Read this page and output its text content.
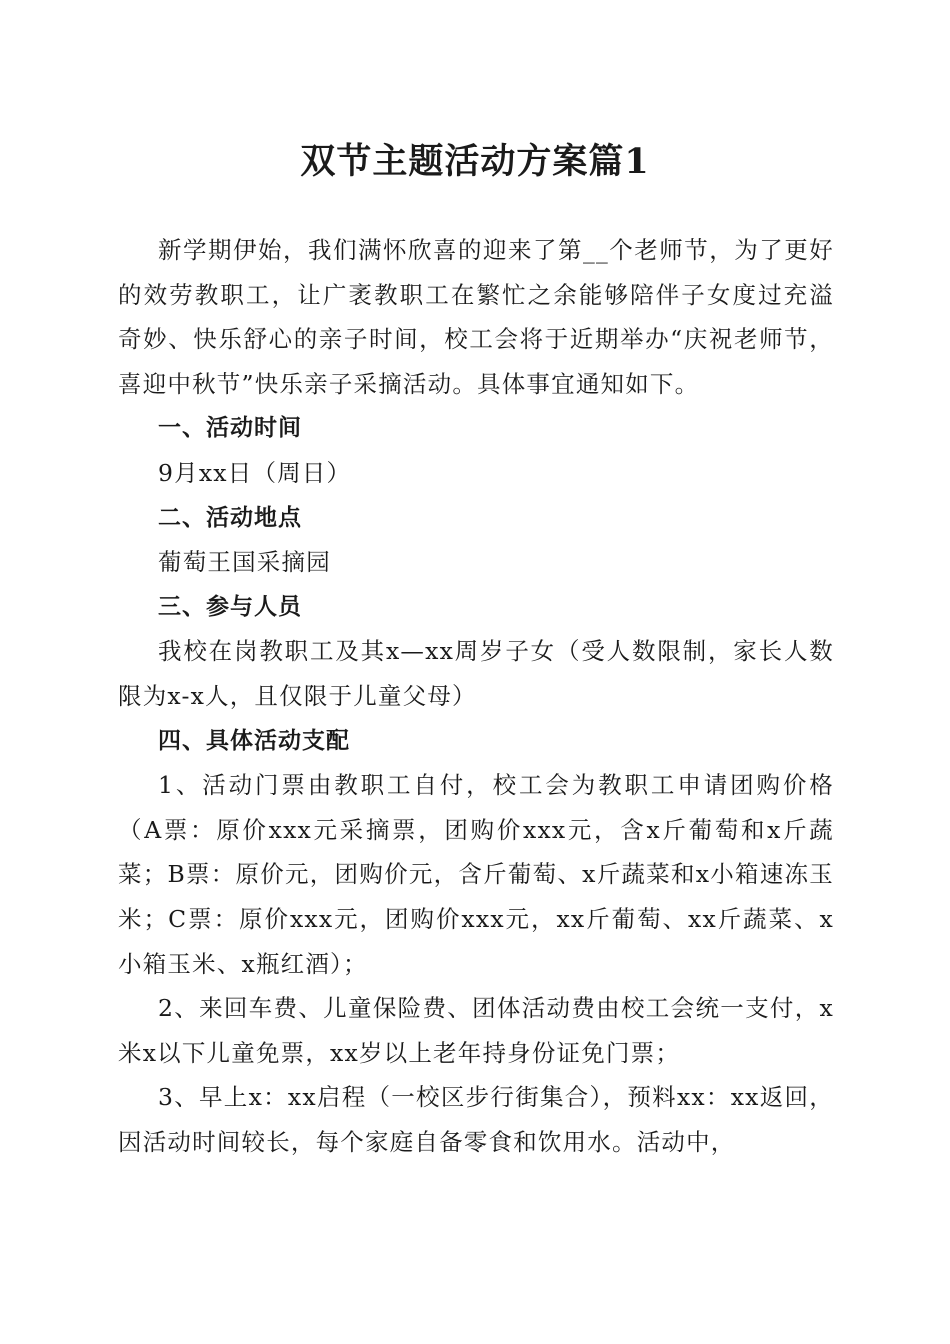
双节主题活动方案篇1

新学期伊始，我们满怀欣喜的迎来了第__个老师节，为了更好的效劳教职工，让广袤教职工在繁忙之余能够陪伴子女度过充溢奇妙、快乐舒心的亲子时间，校工会将于近期举办“庆祝老师节，喜迎中秋节”快乐亲子采摘活动。具体事宜通知如下。

一、活动时间

9月xx日（周日）

二、活动地点

葡萄王国采摘园

三、参与人员

我校在岗教职工及其x—xx周岁子女（受人数限制，家长人数限为x-x人，且仅限于儿童父母）

四、具体活动支配

1、活动门票由教职工自付，校工会为教职工申请团购价格（A票：原价xxx元采摘票，团购价xxx元，含x斤葡萄和x斤蔬菜；B票：原价元，团购价元，含斤葡萄、x斤蔬菜和x小箱速冻玉米；C票：原价xxx元，团购价xxx元，xx斤葡萄、xx斤蔬菜、x小箱玉米、x瓶红酒）；

2、来回车费、儿童保险费、团体活动费由校工会统一支付，x米x以下儿童免票，xx岁以上老年持身份证免门票；

3、早上x：xx启程（一校区步行街集合），预料xx：xx返回，因活动时间较长，每个家庭自备零食和饮用水。活动中，
